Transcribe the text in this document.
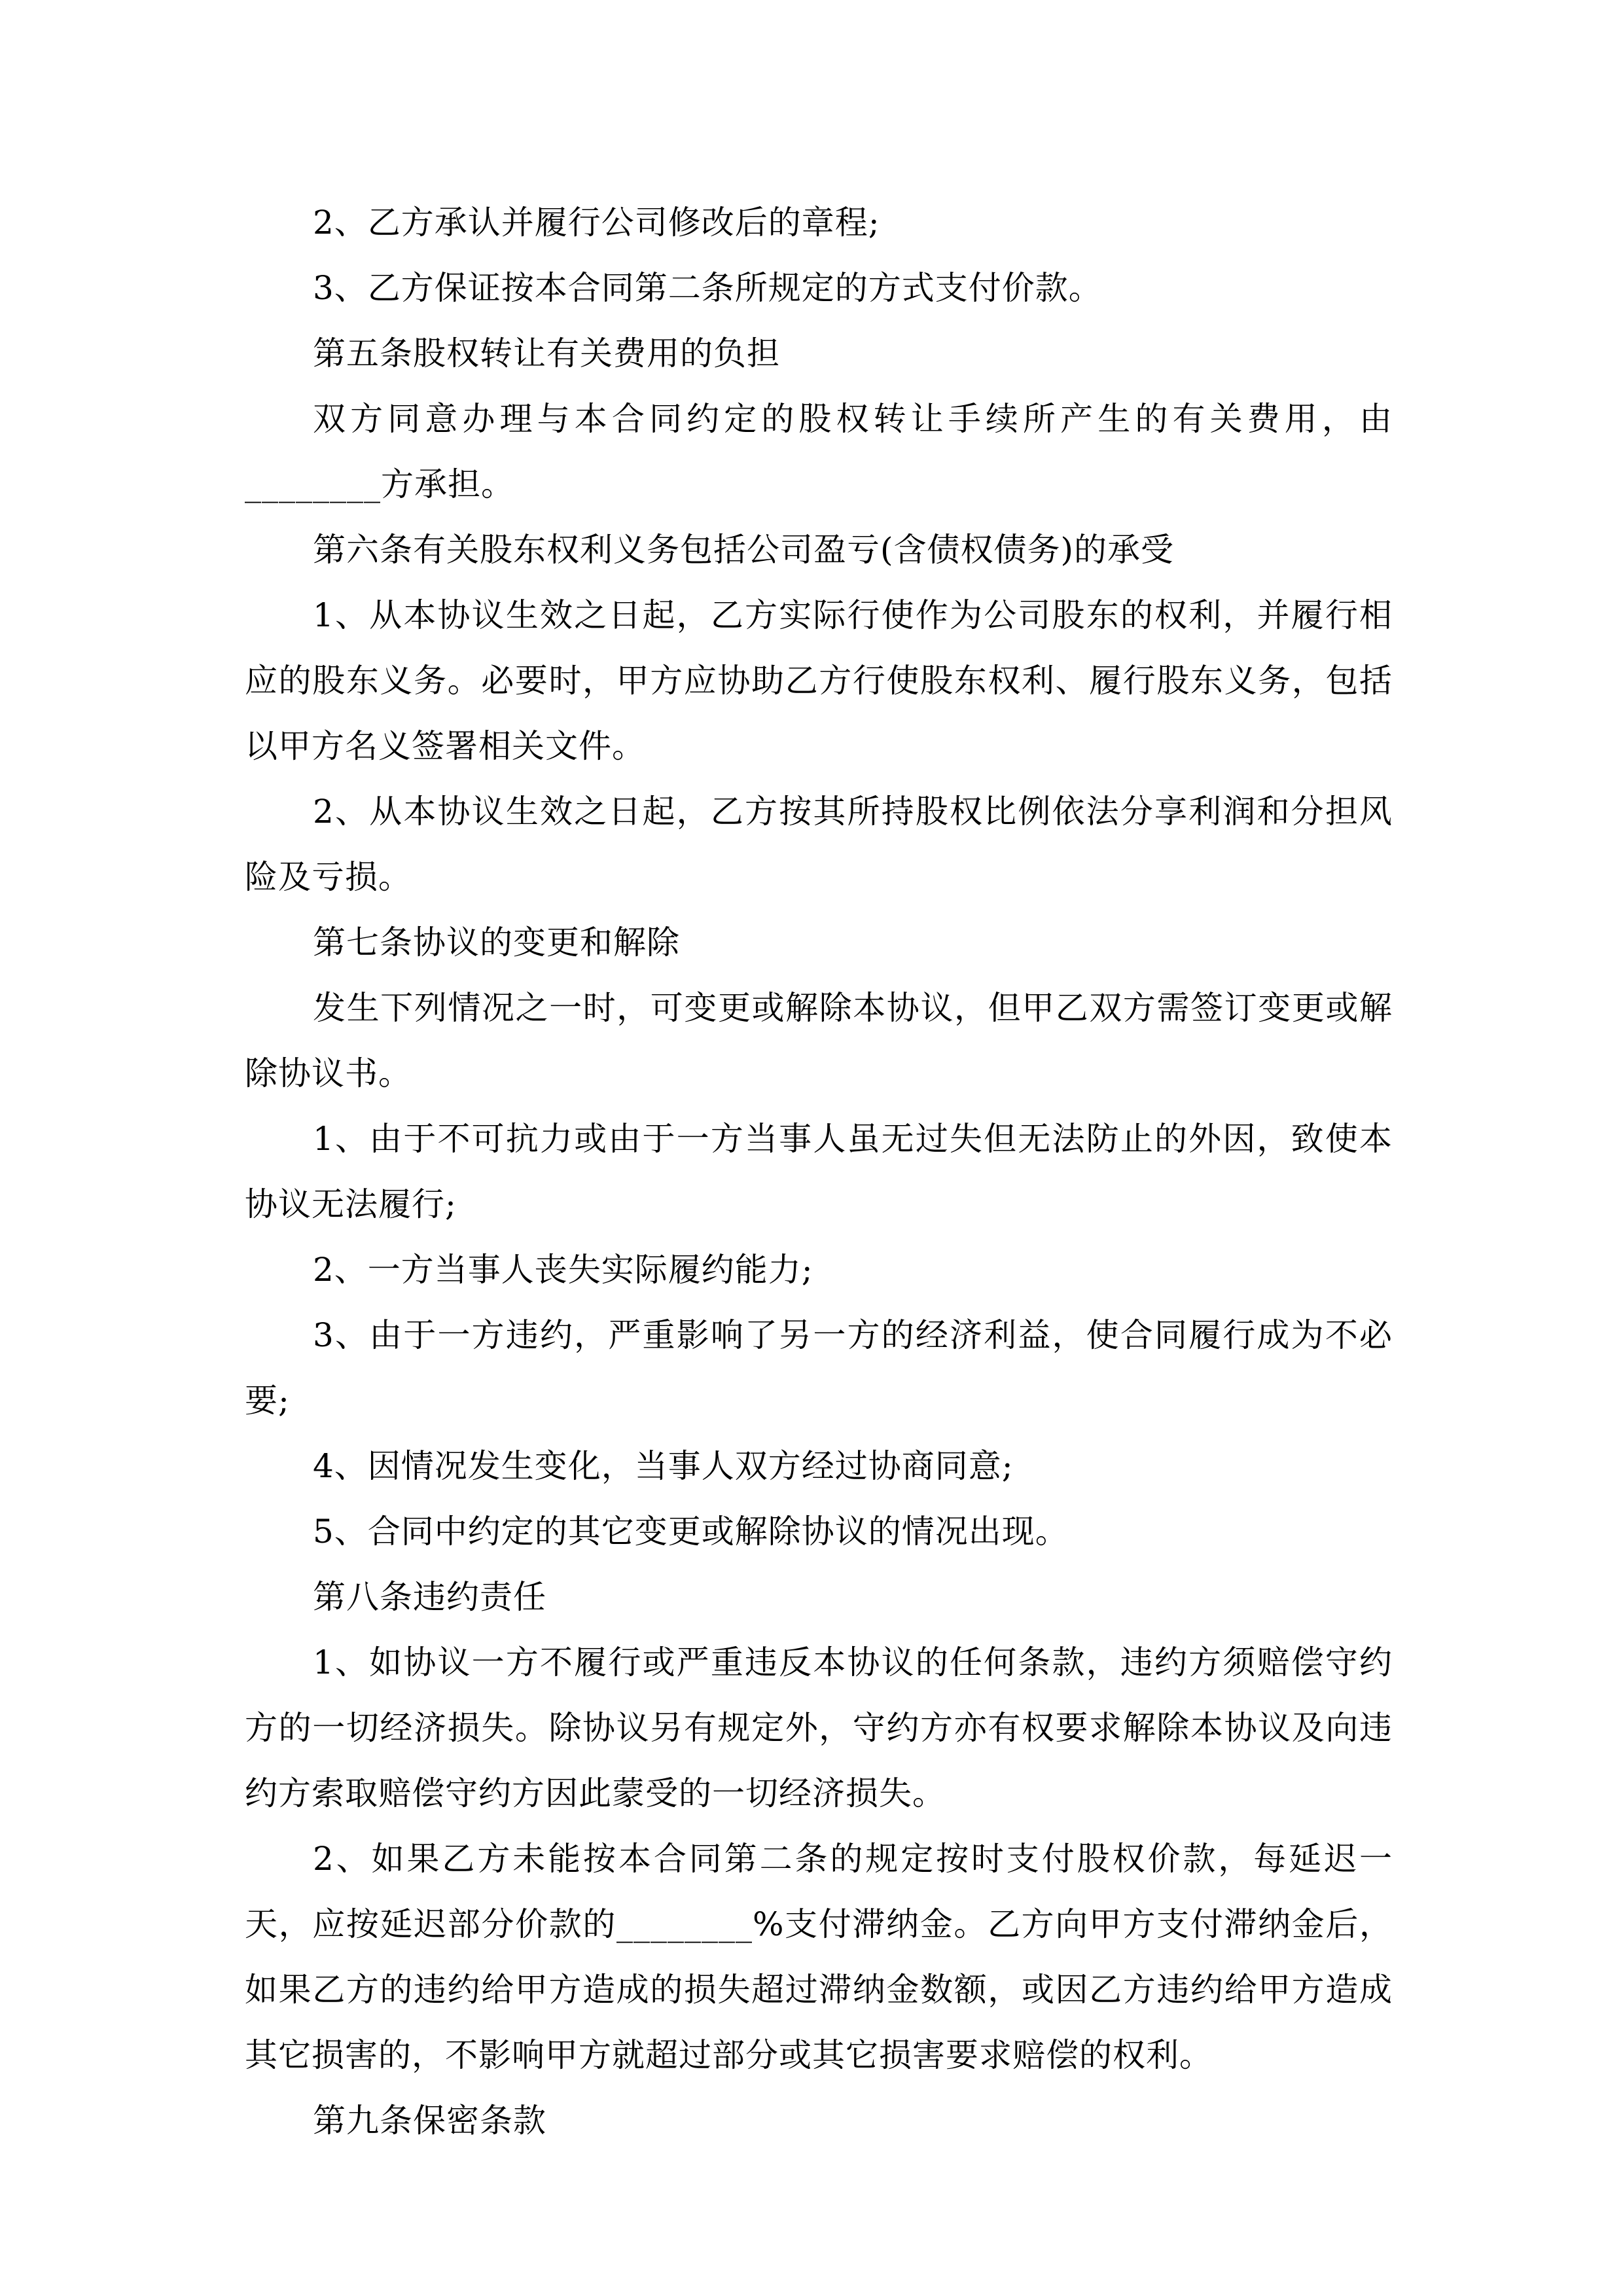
2、乙方承认并履行公司修改后的章程;

3、乙方保证按本合同第二条所规定的方式支付价款。

第五条股权转让有关费用的负担

双方同意办理与本合同约定的股权转让手续所产生的有关费用，由________方承担。

第六条有关股东权利义务包括公司盈亏(含债权债务)的承受

1、从本协议生效之日起，乙方实际行使作为公司股东的权利，并履行相应的股东义务。必要时，甲方应协助乙方行使股东权利、履行股东义务，包括以甲方名义签署相关文件。

2、从本协议生效之日起，乙方按其所持股权比例依法分享利润和分担风险及亏损。

第七条协议的变更和解除

发生下列情况之一时，可变更或解除本协议，但甲乙双方需签订变更或解除协议书。

1、由于不可抗力或由于一方当事人虽无过失但无法防止的外因，致使本协议无法履行;

2、一方当事人丧失实际履约能力;

3、由于一方违约，严重影响了另一方的经济利益，使合同履行成为不必要;

4、因情况发生变化，当事人双方经过协商同意;

5、合同中约定的其它变更或解除协议的情况出现。

第八条违约责任

1、如协议一方不履行或严重违反本协议的任何条款，违约方须赔偿守约方的一切经济损失。除协议另有规定外，守约方亦有权要求解除本协议及向违约方索取赔偿守约方因此蒙受的一切经济损失。

2、如果乙方未能按本合同第二条的规定按时支付股权价款，每延迟一天，应按延迟部分价款的________%支付滞纳金。乙方向甲方支付滞纳金后，如果乙方的违约给甲方造成的损失超过滞纳金数额，或因乙方违约给甲方造成其它损害的，不影响甲方就超过部分或其它损害要求赔偿的权利。

第九条保密条款
